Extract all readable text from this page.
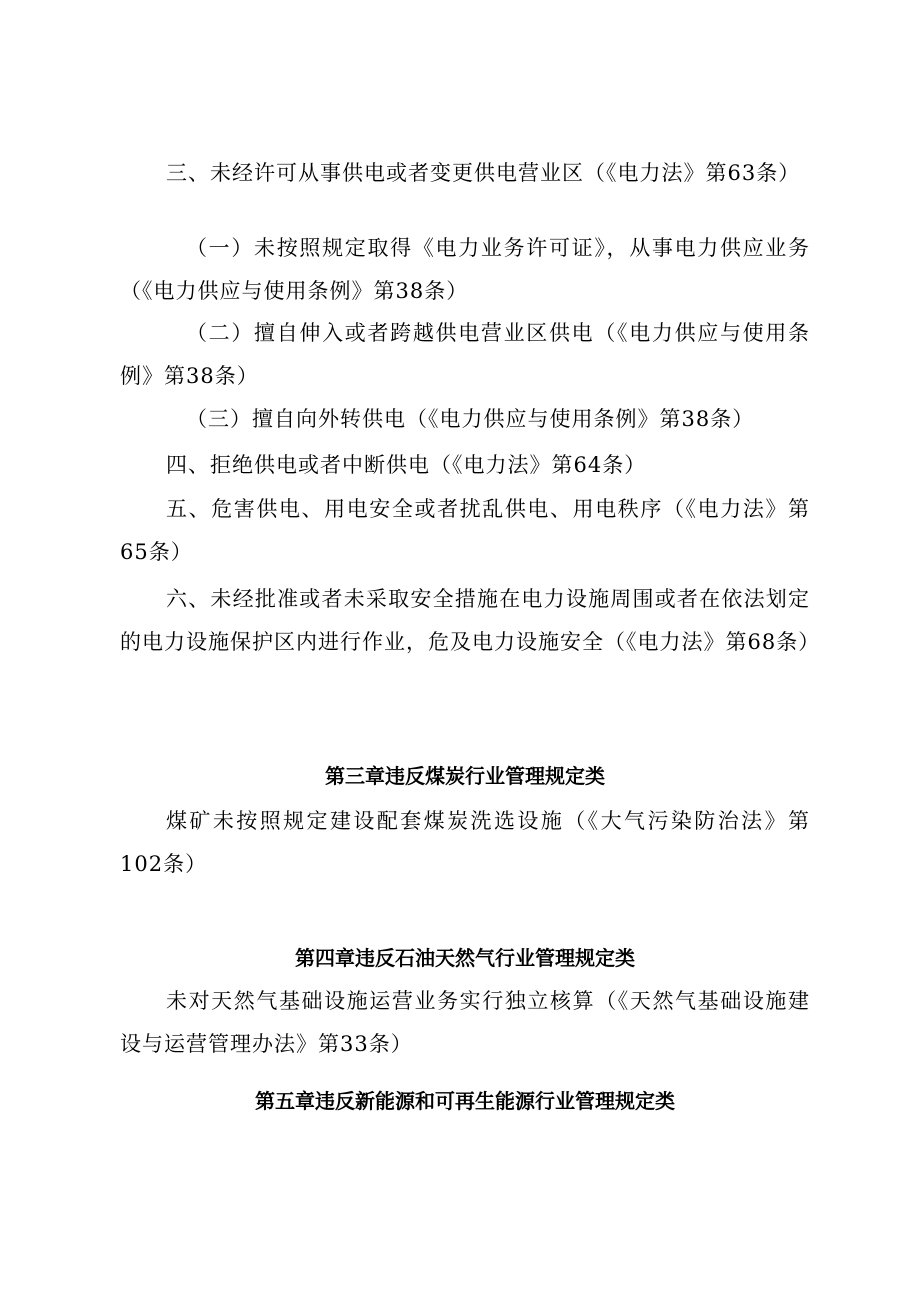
三、未经许可从事供电或者变更供电营业区（《电力法》第63条）

（一）未按照规定取得《电力业务许可证》，从事电力供应业务（《电力供应与使用条例》第38条）

（二）擅自伸入或者跨越供电营业区供电（《电力供应与使用条例》第38条）

（三）擅自向外转供电（《电力供应与使用条例》第38条）

四、拒绝供电或者中断供电（《电力法》第64条）

五、危害供电、用电安全或者扰乱供电、用电秩序（《电力法》第65条）

六、未经批准或者未采取安全措施在电力设施周围或者在依法划定的电力设施保护区内进行作业，危及电力设施安全（《电力法》第68条）

第三章违反煤炭行业管理规定类

煤矿未按照规定建设配套煤炭洗选设施（《大气污染防治法》第102条）

第四章违反石油天然气行业管理规定类

未对天然气基础设施运营业务实行独立核算（《天然气基础设施建设与运营管理办法》第33条）

第五章违反新能源和可再生能源行业管理规定类
